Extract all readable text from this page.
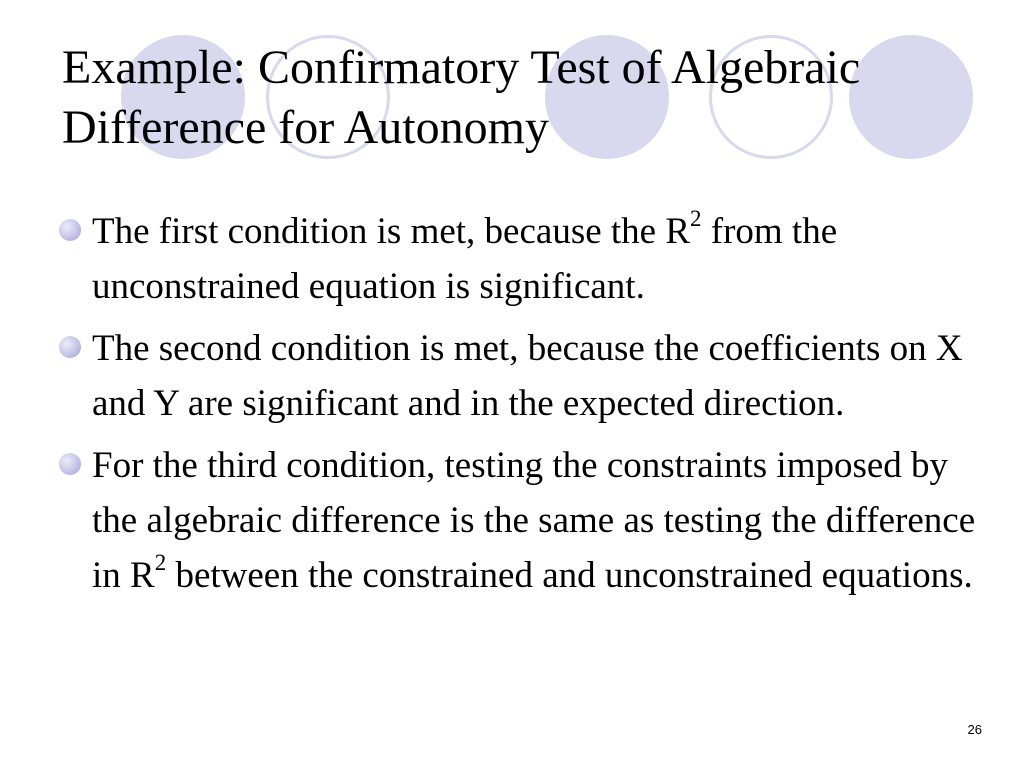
Example: Confirmatory Test of Algebraic Difference for Autonomy
The first condition is met, because the $R^2$ from the unconstrained equation is significant.
The second condition is met, because the coefficients on X and Y are significant and in the expected direction.
For the third condition, testing the constraints imposed by the algebraic difference is the same as testing the difference in $R^2$ between the constrained and unconstrained equations.
26
